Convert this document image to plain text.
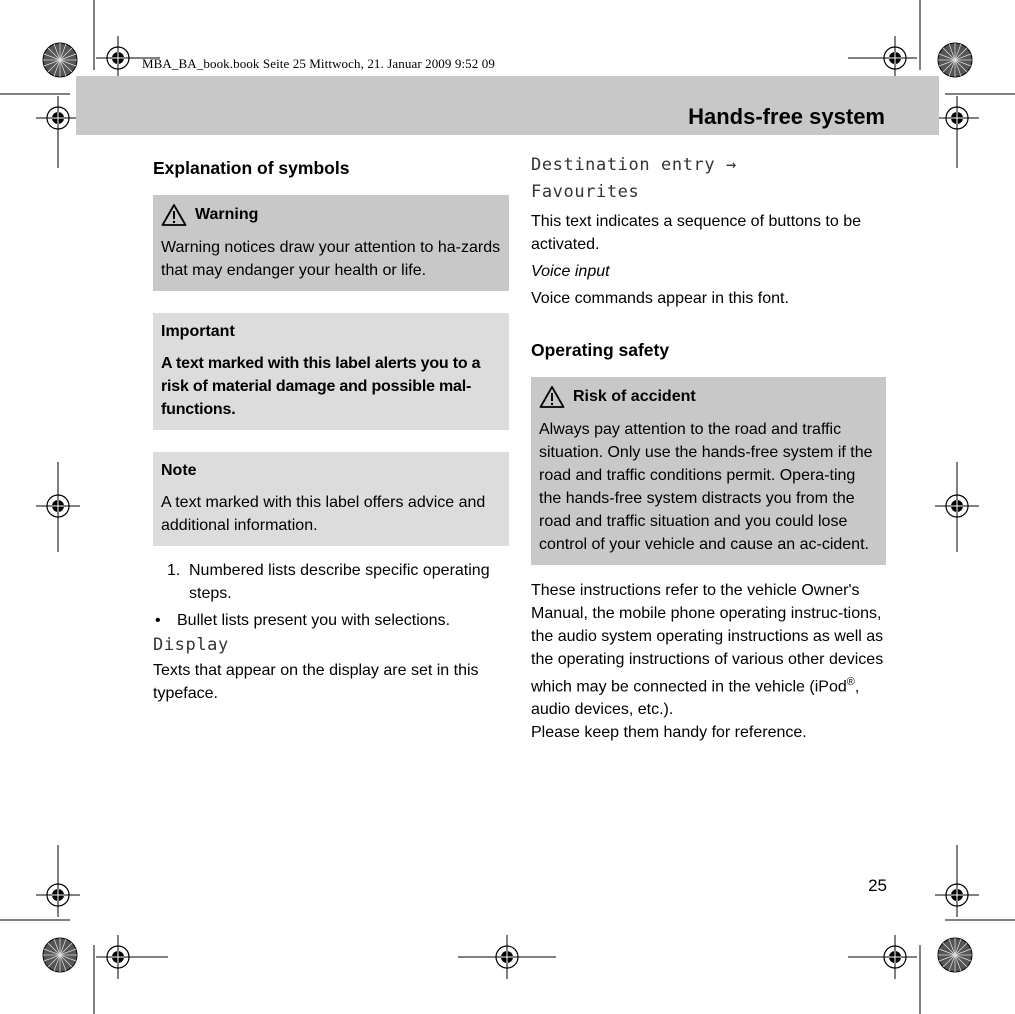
MBA_BA_book.book Seite 25 Mittwoch, 21. Januar 2009 9:52 09
Hands-free system
Explanation of symbols
Warning
Warning notices draw your attention to ha-zards that may endanger your health or life.
Important
A text marked with this label alerts you to a risk of material damage and possible mal-functions.
Note
A text marked with this label offers advice and additional information.
1. Numbered lists describe specific operating steps.
• Bullet lists present you with selections.
Display
Texts that appear on the display are set in this typeface.
Destination entry →
Favourites
This text indicates a sequence of buttons to be activated.
Voice input
Voice commands appear in this font.
Operating safety
Risk of accident
Always pay attention to the road and traffic situation. Only use the hands-free system if the road and traffic conditions permit. Opera-ting the hands-free system distracts you from the road and traffic situation and you could lose control of your vehicle and cause an ac-cident.
These instructions refer to the vehicle Owner's Manual, the mobile phone operating instruc-tions, the audio system operating instructions as well as the operating instructions of various other devices which may be connected in the vehicle (iPod®, audio devices, etc.).
Please keep them handy for reference.
25
